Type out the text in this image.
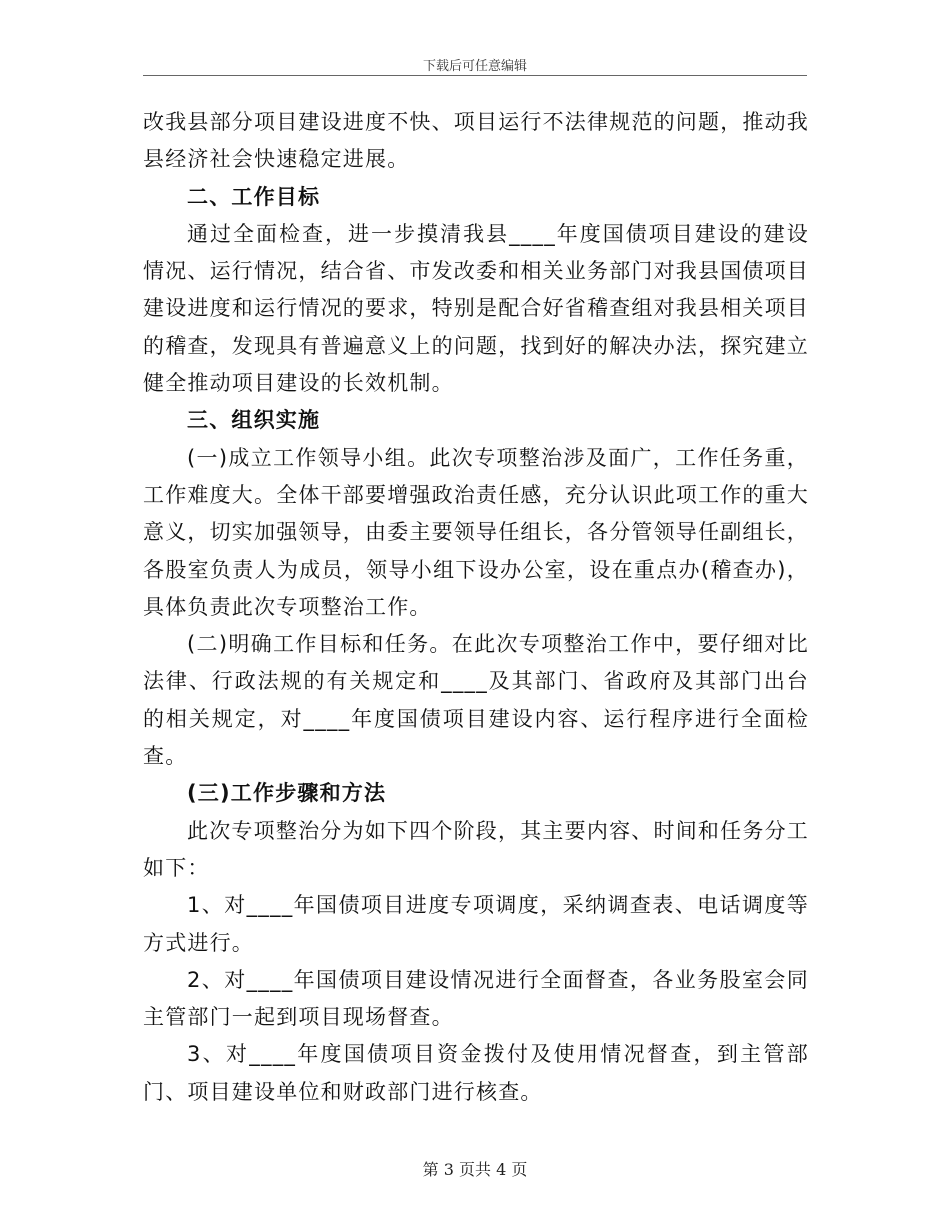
下载后可任意编辑

改我县部分项目建设进度不快、项目运行不法律规范的问题，推动我县经济社会快速稳定进展。

二、工作目标

通过全面检查，进一步摸清我县____年度国债项目建设的建设情况、运行情况，结合省、市发改委和相关业务部门对我县国债项目建设进度和运行情况的要求，特别是配合好省稽查组对我县相关项目的稽查，发现具有普遍意义上的问题，找到好的解决办法，探究建立健全推动项目建设的长效机制。

三、组织实施

(一)成立工作领导小组。此次专项整治涉及面广，工作任务重，工作难度大。全体干部要增强政治责任感，充分认识此项工作的重大意义，切实加强领导，由委主要领导任组长，各分管领导任副组长，各股室负责人为成员，领导小组下设办公室，设在重点办(稽查办)，具体负责此次专项整治工作。

(二)明确工作目标和任务。在此次专项整治工作中，要仔细对比法律、行政法规的有关规定和____及其部门、省政府及其部门出台的相关规定，对____年度国债项目建设内容、运行程序进行全面检查。

(三)工作步骤和方法

此次专项整治分为如下四个阶段，其主要内容、时间和任务分工如下：

1、对____年国债项目进度专项调度，采纳调查表、电话调度等方式进行。

2、对____年国债项目建设情况进行全面督查，各业务股室会同主管部门一起到项目现场督查。

3、对____年度国债项目资金拨付及使用情况督查，到主管部门、项目建设单位和财政部门进行核查。

第 3 页共 4 页
